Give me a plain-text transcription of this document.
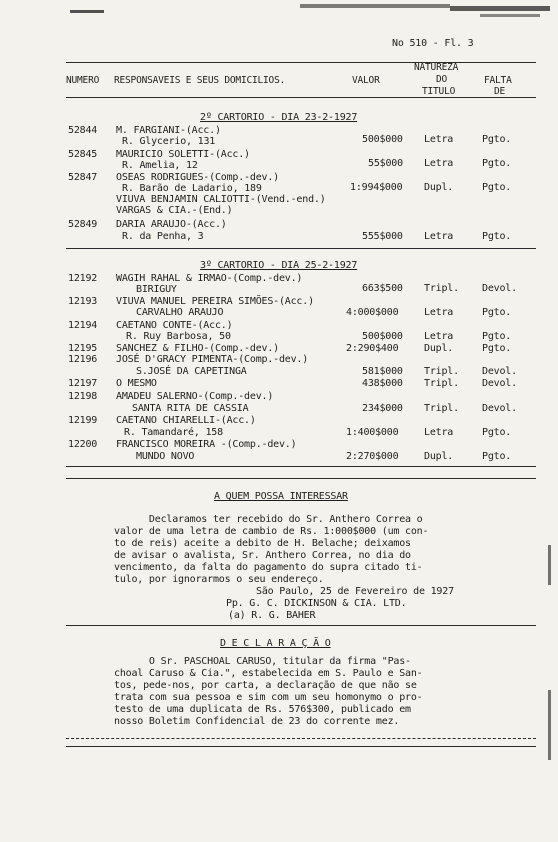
No 510 - Fl. 3
NATUREZA
NUMERO RESPONSAVEIS E SEUS DOMICILIOS.	VALOR	DO	FALTA
TITULO	DE
2º CARTORIO - DIA 23-2-1927
52844 M. FARGIANI-(Acc.)
R. Glycerio, 131	500$000 Letra	Pgto.
52845 MAURICIO SOLETTI-(Acc.)
R. Amelia, 12	55$000 Letra	Pgto.
52847 OSEAS RODRIGUES-(Comp.-dev.)
R. Barão de Ladario, 189
VIUVA BENJAMIN CALIOTTI-(Vend.-end.)
VARGAS & CIA.-(End.)
1:994$000 Dupl.	Pgto.
52849 DARIA ARAUJO-(Acc.)
R. da Penha, 3	555$000 Letra	Pgto.
3º CARTORIO - DIA 25-2-1927
12192 WAGIH RAHAL & IRMAO-(Comp.-dev.)
BIRIGUY	663$500 Tripl. Devol.
12193 VIUVA MANUEL PEREIRA SIMÕES-(Acc.)
CARVALHO ARAUJO	4:000$000	Letra	Pgto.
12194 CAETANO CONTE-(Acc.)
R. Ruy Barbosa, 50	500$000 Letra	Pgto.
12195 SANCHEZ & FILHO-(Comp.-dev.)	2:290$400	Dupl.	Pgto.
12196 JOSÉ D'GRACY PIMENTA-(Comp.-dev.)
S.JOSÉ DA CAPETINGA	581$000 Tripl. Devol.
12197 O MESMO	438$000 Tripl. Devol.
12198 AMADEU SALERNO-(Comp.-dev.)
SANTA RITA DE CASSIA	234$000 Tripl. Devol.
12199 CAETANO CHIARELLI-(Acc.)
R. Tamandaré, 158	1:400$000	Letra	Pgto.
12200 FRANCISCO MOREIRA -(Comp.-dev.)
MUNDO NOVO	2:270$000	Dupl.	Pgto.
A QUEM POSSA INTERESSAR
Declaramos ter recebido do Sr. Anthero Correa o
valor de uma letra de cambio de Rs. 1:000$000 (um con-
to de reis) aceite a debito de H. Belache; deixamos
de avisar o avalista, Sr. Anthero Correa, no dia do
vencimento, da falta do pagamento do supra citado ti-
tulo, por ignorarmos o seu endereço.
São Paulo, 25 de Fevereiro de 1927
Pp. G. C. DICKINSON & CIA. LTD.
(a) R. G. BAHER
D E C L A R A Ç Ã O
O Sr. PASCHOAL CARUSO, titular da firma "Pas-
choal Caruso & Cia.", estabelecida em S. Paulo e San-
tos, pede-nos, por carta, a declaração de que não se
trata com sua pessoa e sim com um seu homonymo o pro-
testo de uma duplicata de Rs. 576$300, publicado em
nosso Boletim Confidencial de 23 do corrente mez.
